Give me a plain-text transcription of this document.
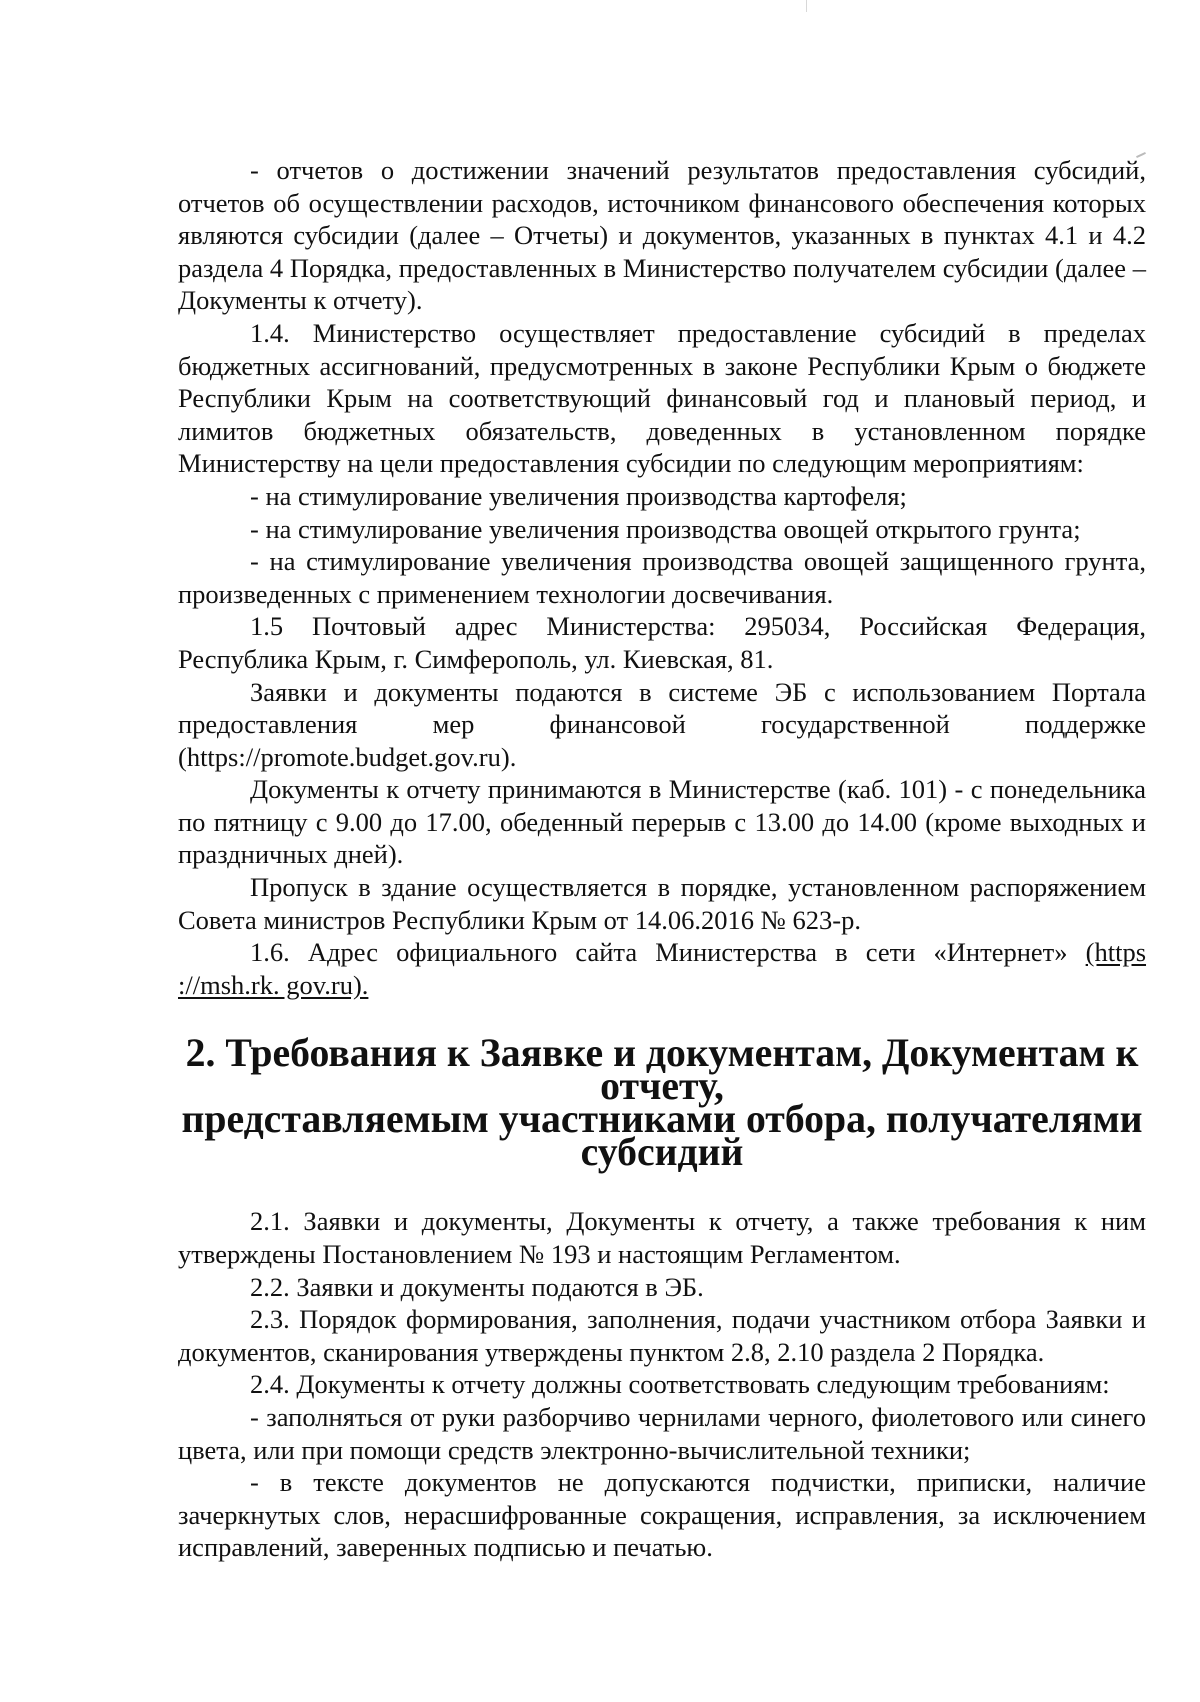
- отчетов о достижении значений результатов предоставления субсидий, отчетов об осуществлении расходов, источником финансового обеспечения которых являются субсидии (далее – Отчеты) и документов, указанных в пунктах 4.1 и 4.2 раздела 4 Порядка, предоставленных в Министерство получателем субсидии (далее – Документы к отчету).

1.4. Министерство осуществляет предоставление субсидий в пределах бюджетных ассигнований, предусмотренных в законе Республики Крым о бюджете Республики Крым на соответствующий финансовый год и плановый период, и лимитов бюджетных обязательств, доведенных в установленном порядке Министерству на цели предоставления субсидии по следующим мероприятиям:

- на стимулирование увеличения производства картофеля;

- на стимулирование увеличения производства овощей открытого грунта;

- на стимулирование увеличения производства овощей защищенного грунта, произведенных с применением технологии досвечивания.

1.5 Почтовый адрес Министерства: 295034, Российская Федерация, Республика Крым, г. Симферополь, ул. Киевская, 81.

Заявки и документы подаются в системе ЭБ с использованием Портала предоставления мер финансовой государственной поддержке (https://promote.budget.gov.ru).

Документы к отчету принимаются в Министерстве (каб. 101) - с понедельника по пятницу с 9.00 до 17.00, обеденный перерыв с 13.00 до 14.00 (кроме выходных и праздничных дней).

Пропуск в здание осуществляется в порядке, установленном распоряжением Совета министров Республики Крым от 14.06.2016 № 623-р.

1.6. Адрес официального сайта Министерства в сети «Интернет» (https ://msh.rk. gov.ru).

2. Требования к Заявке и документам, Документам к отчету,
представляемым участниками отбора, получателями субсидий

2.1. Заявки и документы, Документы к отчету, а также требования к ним утверждены Постановлением № 193 и настоящим Регламентом.

2.2. Заявки и документы подаются в ЭБ.

2.3. Порядок формирования, заполнения, подачи участником отбора Заявки и документов, сканирования утверждены пунктом 2.8, 2.10 раздела 2 Порядка.

2.4. Документы к отчету должны соответствовать следующим требованиям:

- заполняться от руки разборчиво чернилами черного, фиолетового или синего цвета, или при помощи средств электронно-вычислительной техники;

- в тексте документов не допускаются подчистки, приписки, наличие зачеркнутых слов, нерасшифрованные сокращения, исправления, за исключением исправлений, заверенных подписью и печатью.
